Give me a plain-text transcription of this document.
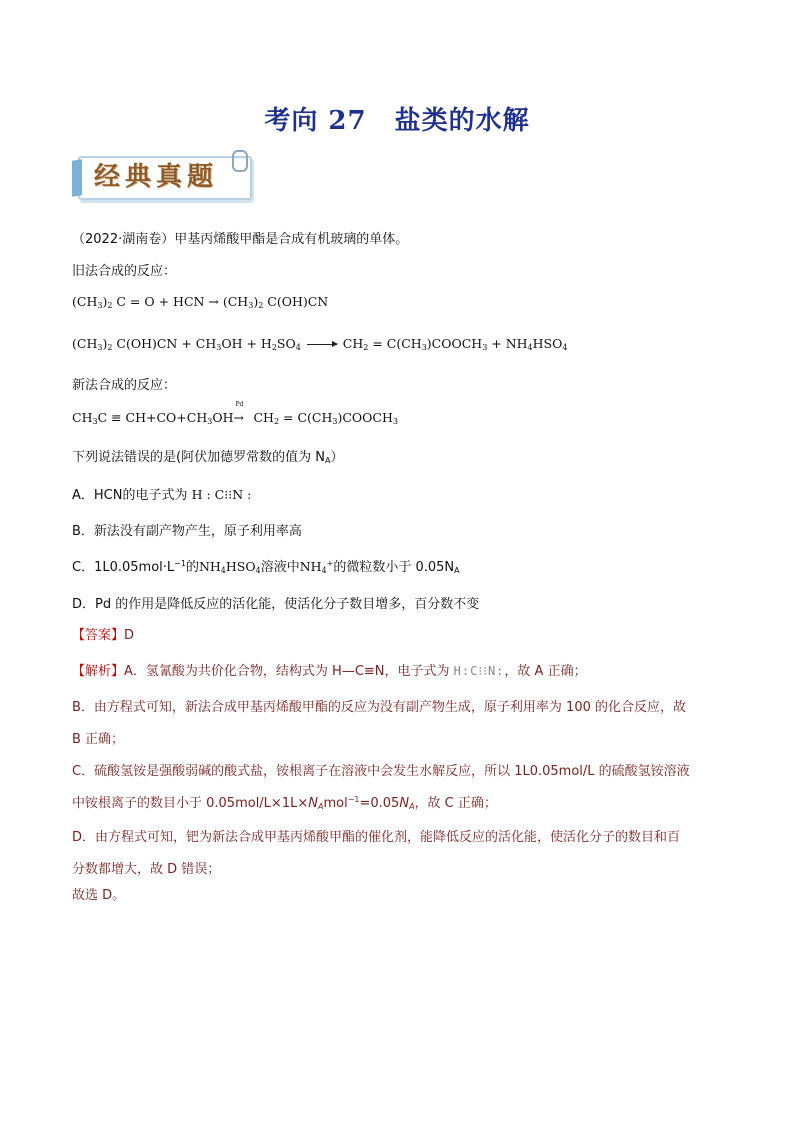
考向 27 盐类的水解
经典真题
（2022·湖南卷）甲基丙烯酸甲酯是合成有机玻璃的单体。
旧法合成的反应：
$(CH_3)_2$ C = O + HCN → $(CH_3)_2$ C(OH)CN
$(CH_3)_2$ $C(OH)CN + CH_3OH + H_2SO_4 \to CH_2$ = $C(CH_3)COOCH_3 + NH_4HSO_4$
新法合成的反应：
$CH_3C \equiv CH+CO+CH_3OH$
Pd
→ $CH_2$ = $C(CH_3)COOCH_3$
下列说法错误的是(阿伏加德罗常数的值为 $N_A$）
A．HCN的电子式为 H : C⁝⁝N :
B．新法没有副产物产生，原子利用率高
C．$1L0.05mol\cdot L^{-1}$的$NH_4HSO_4$溶液中$NH_4^+$的微粒数小于 $0.05N_A$
D．Pd 的作用是降低反应的活化能，使活化分子数目增多，百分数不变
【答案】D
【解析】A．氢氰酸为共价化合物，结构式为 H—C≡N，电子式为 H:C⁝⁝N:，故 A 正确；
B．由方程式可知，新法合成甲基丙烯酸甲酯的反应为没有副产物生成，原子利用率为 100 的化合反应，故
B 正确；
C．硫酸氢铵是强酸弱碱的酸式盐，铵根离子在溶液中会发生水解反应，所以 1L0.05mol/L 的硫酸氢铵溶液
中铵根离子的数目小于 $0.05mol/L\times 1L\times N_Amol^{-1}=0.05N_A$，故 C 正确；
D．由方程式可知，钯为新法合成甲基丙烯酸甲酯的催化剂，能降低反应的活化能，使活化分子的数目和百
分数都增大，故 D 错误；
故选 D。
